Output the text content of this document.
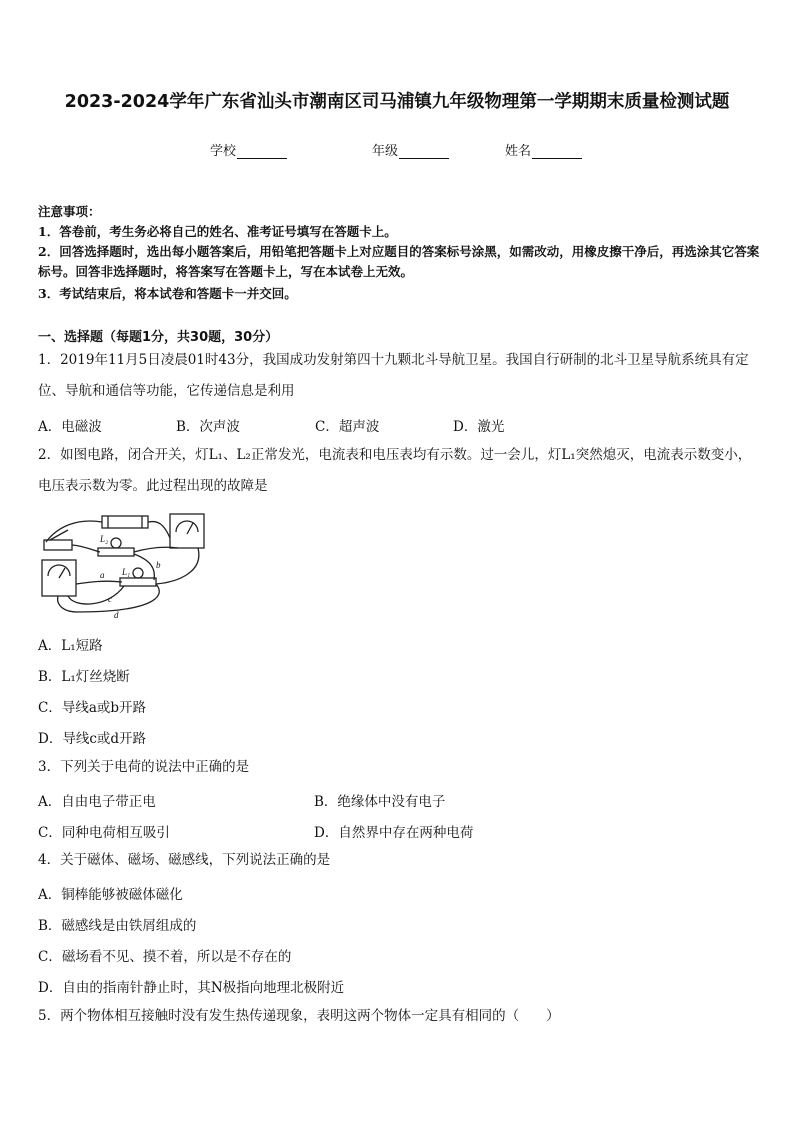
2023-2024学年广东省汕头市潮南区司马浦镇九年级物理第一学期期末质量检测试题
学校	年级	姓名
注意事项：
1．答卷前，考生务必将自己的姓名、准考证号填写在答题卡上。
2．回答选择题时，选出每小题答案后，用铅笔把答题卡上对应题目的答案标号涂黑，如需改动，用橡皮擦干净后，再选涂其它答案标号。回答非选择题时，将答案写在答题卡上，写在本试卷上无效。
3．考试结束后，将本试卷和答题卡一并交回。
一、选择题（每题1分，共30题，30分）
1．2019年11月5日凌晨01时43分，我国成功发射第四十九颗北斗导航卫星。我国自行研制的北斗卫星导航系统具有定位、导航和通信等功能，它传递信息是利用
A．电磁波	B．次声波	C．超声波	D．激光
2．如图电路，闭合开关，灯L₁、L₂正常发光，电流表和电压表均有示数。过一会儿，灯L₁突然熄灭，电流表示数变小，电压表示数为零。此过程出现的故障是
L₂
L₁
a
b
c
d
A．L₁短路
B．L₁灯丝烧断
C．导线a或b开路
D．导线c或d开路
3．下列关于电荷的说法中正确的是
A．自由电子带正电	B．绝缘体中没有电子
C．同种电荷相互吸引	D．自然界中存在两种电荷
4．关于磁体、磁场、磁感线，下列说法正确的是
A．铜棒能够被磁体磁化
B．磁感线是由铁屑组成的
C．磁场看不见、摸不着，所以是不存在的
D．自由的指南针静止时，其N极指向地理北极附近
5．两个物体相互接触时没有发生热传递现象，表明这两个物体一定具有相同的（　　）
